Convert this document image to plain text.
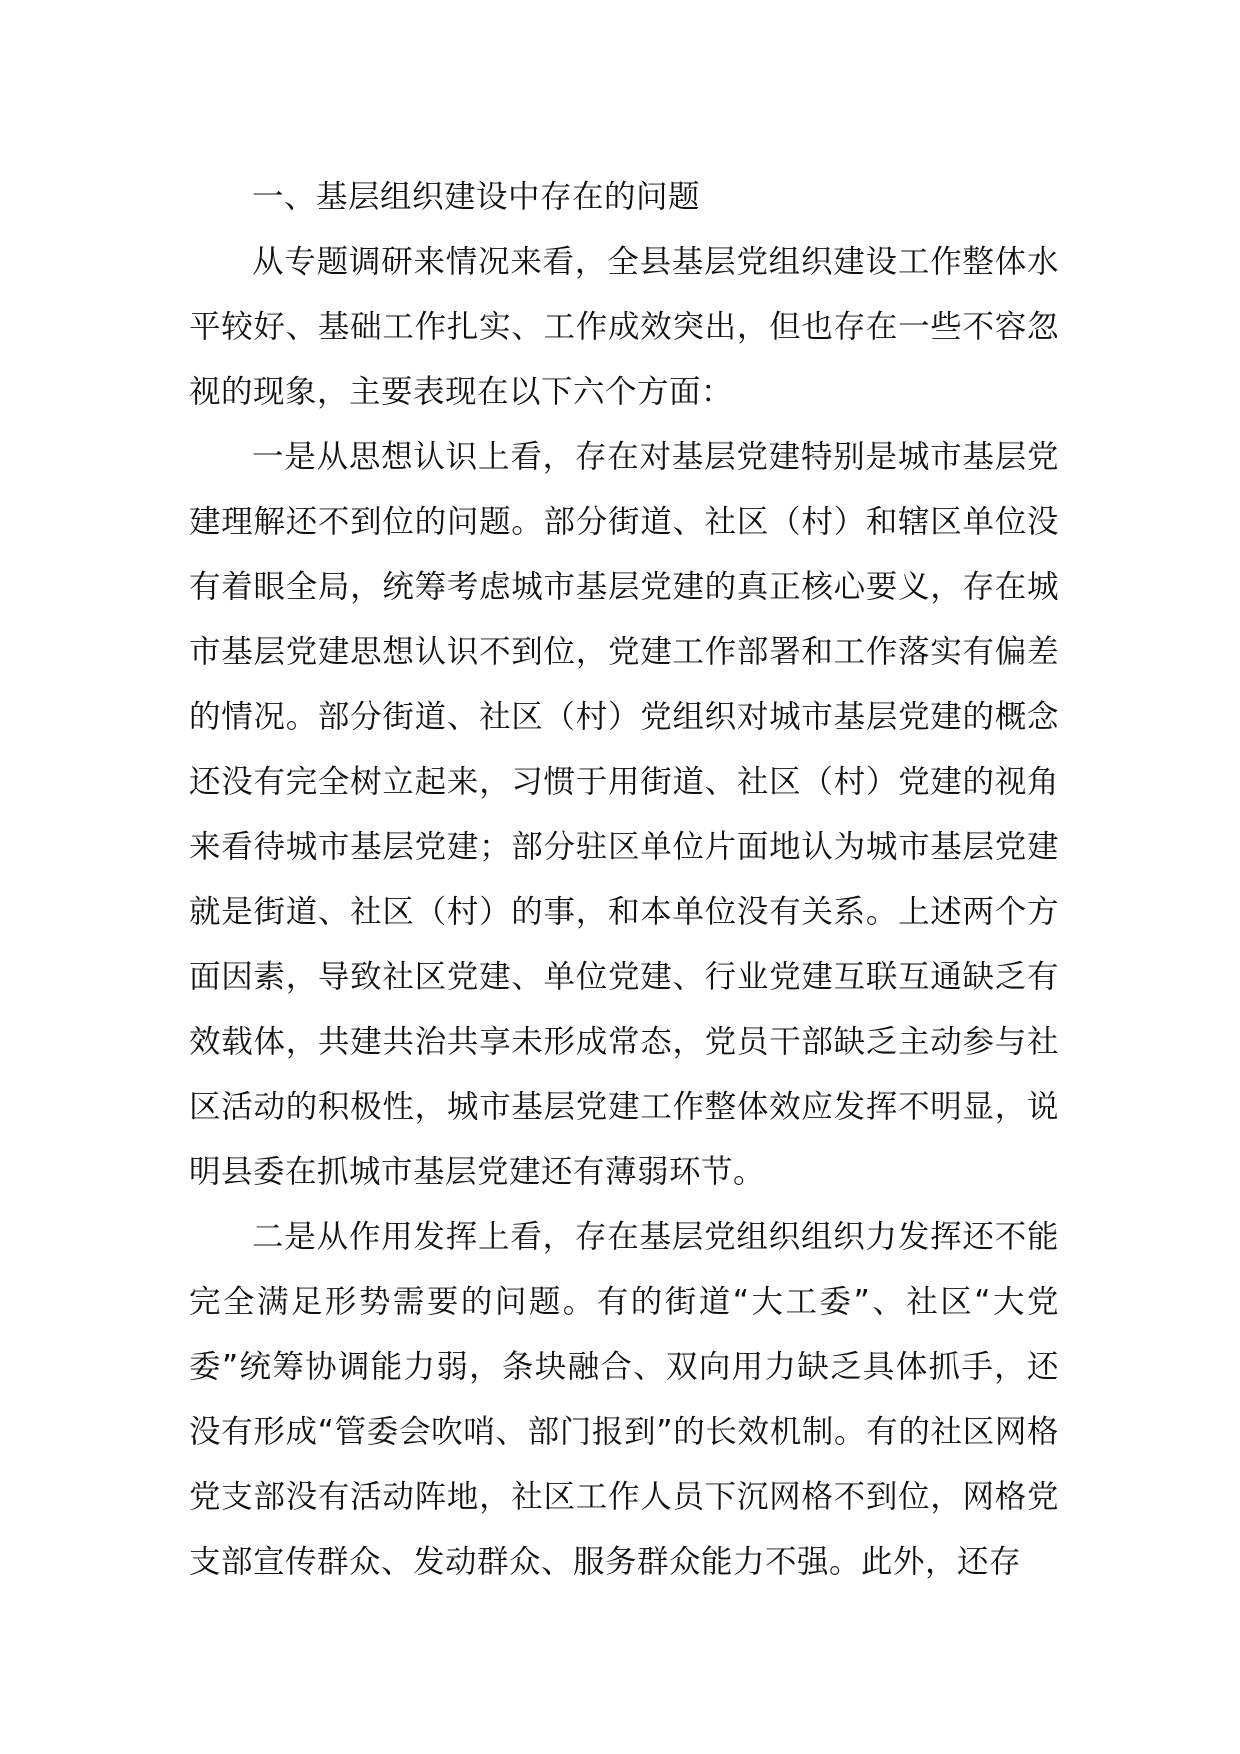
一、基层组织建设中存在的问题

从专题调研来情况来看，全县基层党组织建设工作整体水平较好、基础工作扎实、工作成效突出，但也存在一些不容忽视的现象，主要表现在以下六个方面：

一是从思想认识上看，存在对基层党建特别是城市基层党建理解还不到位的问题。部分街道、社区（村）和辖区单位没有着眼全局，统筹考虑城市基层党建的真正核心要义，存在城市基层党建思想认识不到位，党建工作部署和工作落实有偏差的情况。部分街道、社区（村）党组织对城市基层党建的概念还没有完全树立起来，习惯于用街道、社区（村）党建的视角来看待城市基层党建；部分驻区单位片面地认为城市基层党建就是街道、社区（村）的事，和本单位没有关系。上述两个方面因素，导致社区党建、单位党建、行业党建互联互通缺乏有效载体，共建共治共享未形成常态，党员干部缺乏主动参与社区活动的积极性，城市基层党建工作整体效应发挥不明显，说明县委在抓城市基层党建还有薄弱环节。

二是从作用发挥上看，存在基层党组织组织力发挥还不能完全满足形势需要的问题。有的街道“大工委”、社区“大党委”统筹协调能力弱，条块融合、双向用力缺乏具体抓手，还没有形成“管委会吹哨、部门报到”的长效机制。有的社区网格党支部没有活动阵地，社区工作人员下沉网格不到位，网格党支部宣传群众、发动群众、服务群众能力不强。此外，还存
